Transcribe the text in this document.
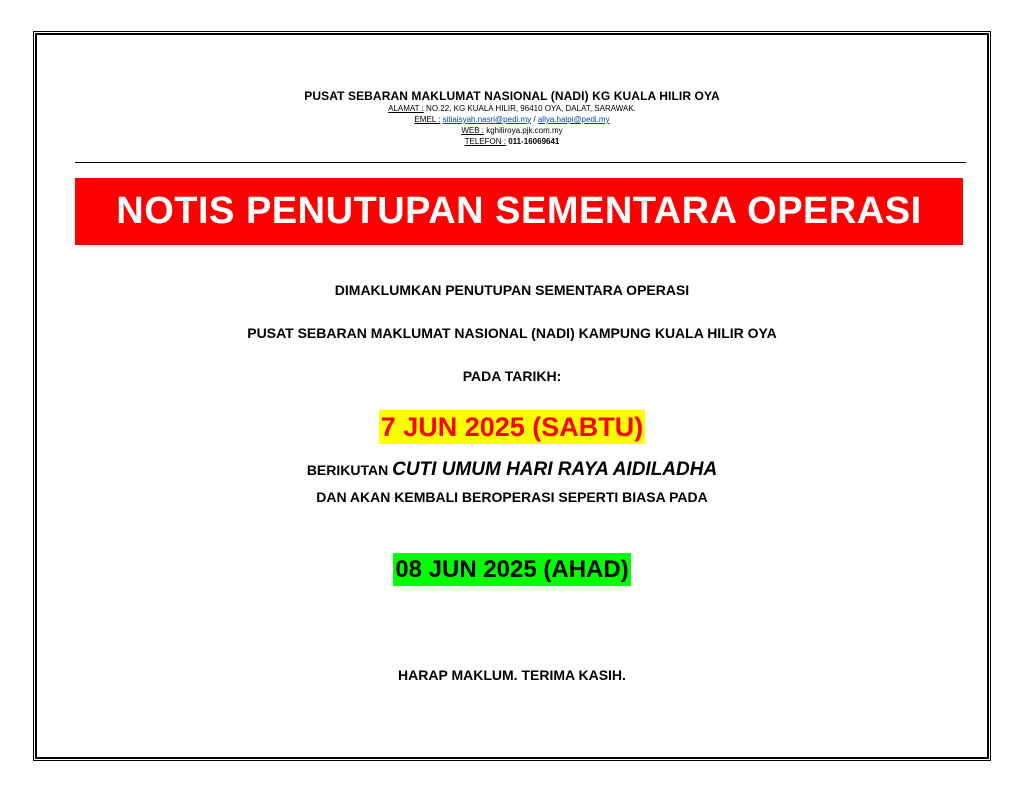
PUSAT SEBARAN MAKLUMAT NASIONAL (NADI) KG KUALA HILIR OYA
ALAMAT : NO.22, KG KUALA HILIR, 96410 OYA, DALAT, SARAWAK.
EMEL : sitiaisyah.nasri@pedi.my / allya.halpi@pedi.my
WEB : kghiliroya.pjk.com.my
TELEFON : 011-16069641
NOTIS PENUTUPAN SEMENTARA OPERASI
DIMAKLUMKAN PENUTUPAN SEMENTARA OPERASI
PUSAT SEBARAN MAKLUMAT NASIONAL (NADI) KAMPUNG KUALA HILIR OYA
PADA TARIKH:
7 JUN 2025 (SABTU)
BERIKUTAN CUTI UMUM HARI RAYA AIDILADHA
DAN AKAN KEMBALI BEROPERASI SEPERTI BIASA PADA
08 JUN 2025 (AHAD)
HARAP MAKLUM. TERIMA KASIH.
